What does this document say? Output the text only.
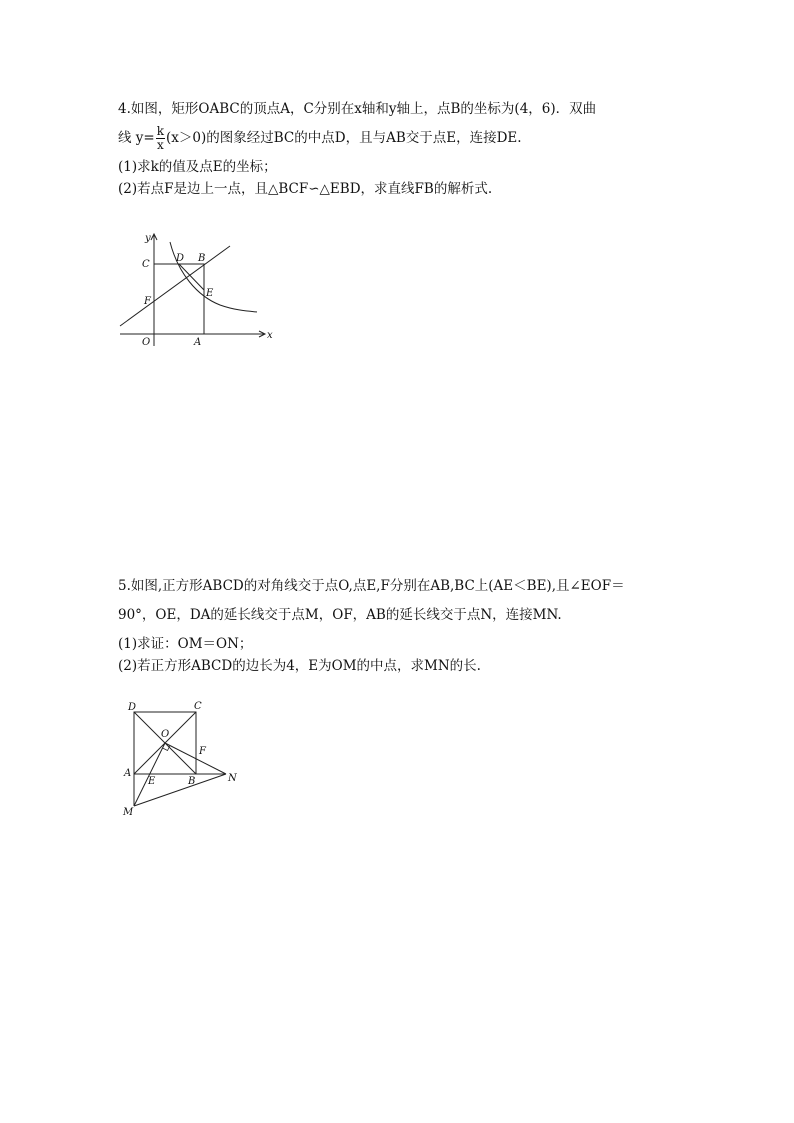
4.如图，矩形OABC的顶点A，C分别在x轴和y轴上，点B的坐标为(4，6)．双曲
线 $y= \frac{k}{x} (x>0)$的图象经过BC的中点D，且与AB交于点E，连接DE.
(1)求k的值及点E的坐标；
(2)若点F是边上一点，且△BCF∽△EBD，求直线FB的解析式.
y
x
C
D B
E
F
O	A
5.如图,正方形ABCD的对角线交于点O,点E,F分别在AB,BC上(AE＜BE),且∠EOF＝
90°，OE，DA的延长线交于点M，OF，AB的延长线交于点N，连接MN.
(1)求证：OM＝ON；
(2)若正方形ABCD的边长为4，E为OM的中点，求MN的长.
D	C
O
F
A
E	B	N
M
